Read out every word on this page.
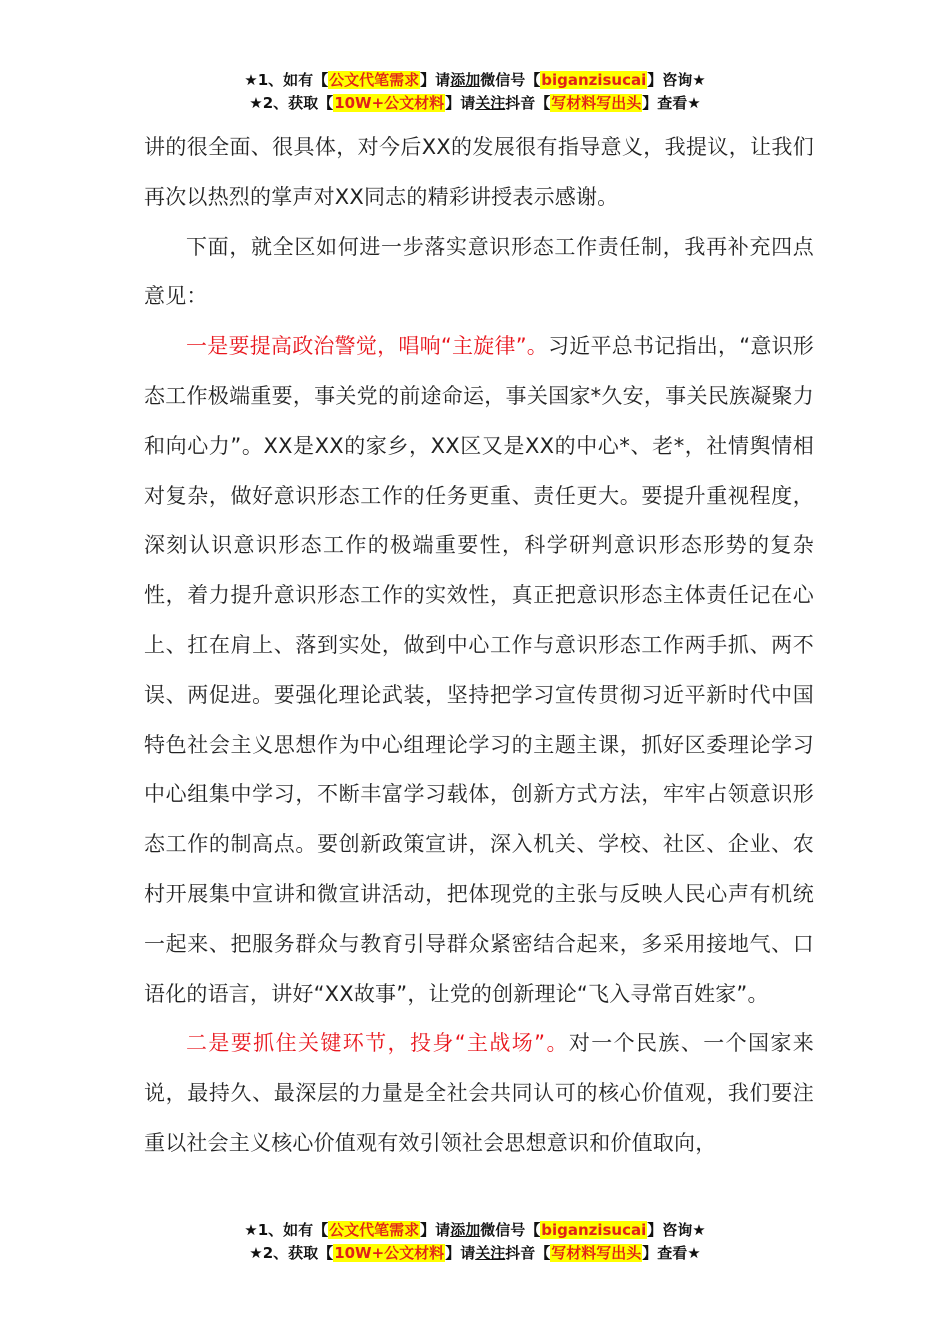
★1、如有【公文代笔需求】请添加微信号【biganzisucai】咨询★
★2、获取【10W+公文材料】请关注抖音【写材料写出头】查看★

讲的很全面、很具体，对今后XX的发展很有指导意义，我提议，让我们再次以热烈的掌声对XX同志的精彩讲授表示感谢。

下面，就全区如何进一步落实意识形态工作责任制，我再补充四点意见：

一是要提高政治警觉，唱响“主旋律”。习近平总书记指出，“意识形态工作极端重要，事关党的前途命运，事关国家*久安，事关民族凝聚力和向心力”。XX是XX的家乡，XX区又是XX的中心*、老*，社情舆情相对复杂，做好意识形态工作的任务更重、责任更大。要提升重视程度，深刻认识意识形态工作的极端重要性，科学研判意识形态形势的复杂性，着力提升意识形态工作的实效性，真正把意识形态主体责任记在心上、扛在肩上、落到实处，做到中心工作与意识形态工作两手抓、两不误、两促进。要强化理论武装，坚持把学习宣传贯彻习近平新时代中国特色社会主义思想作为中心组理论学习的主题主课，抓好区委理论学习中心组集中学习，不断丰富学习载体，创新方式方法，牢牢占领意识形态工作的制高点。要创新政策宣讲，深入机关、学校、社区、企业、农村开展集中宣讲和微宣讲活动，把体现党的主张与反映人民心声有机统一起来、把服务群众与教育引导群众紧密结合起来，多采用接地气、口语化的语言，讲好“XX故事”，让党的创新理论“飞入寻常百姓家”。

二是要抓住关键环节，投身“主战场”。对一个民族、一个国家来说，最持久、最深层的力量是全社会共同认可的核心价值观，我们要注重以社会主义核心价值观有效引领社会思想意识和价值取向，

★1、如有【公文代笔需求】请添加微信号【biganzisucai】咨询★
★2、获取【10W+公文材料】请关注抖音【写材料写出头】查看★
